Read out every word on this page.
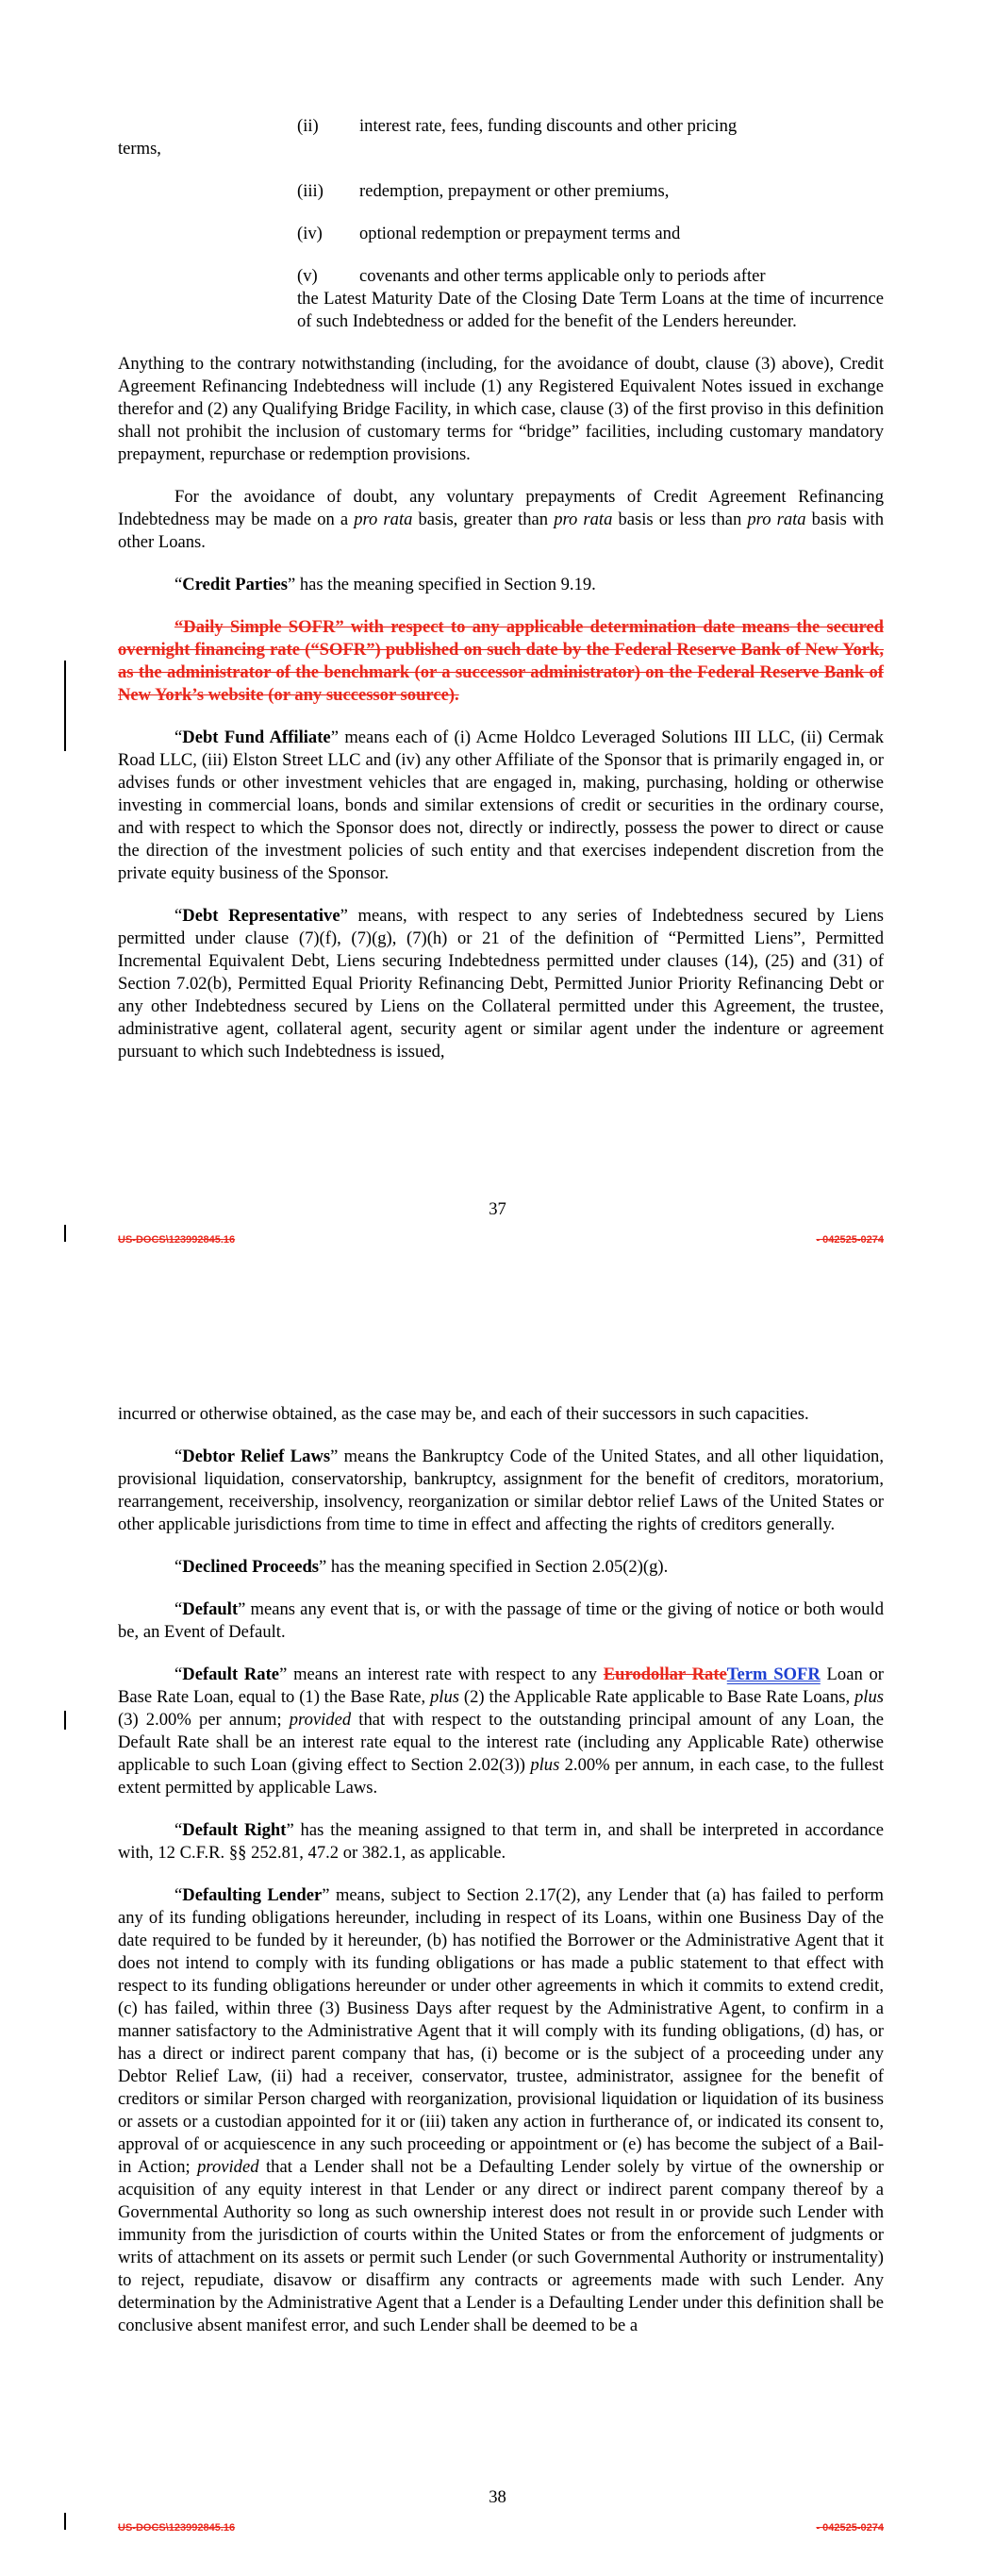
(ii) interest rate, fees, funding discounts and other pricing

terms,

(iii) redemption, prepayment or other premiums,

(iv) optional redemption or prepayment terms and

(v) covenants and other terms applicable only to periods after

the Latest Maturity Date of the Closing Date Term Loans at the time of incurrence of such Indebtedness or added for the benefit of the Lenders hereunder.

Anything to the contrary notwithstanding (including, for the avoidance of doubt, clause (3) above), Credit Agreement Refinancing Indebtedness will include (1) any Registered Equivalent Notes issued in exchange therefor and (2) any Qualifying Bridge Facility, in which case, clause (3) of the first proviso in this definition shall not prohibit the inclusion of customary terms for “bridge” facilities, including customary mandatory prepayment, repurchase or redemption provisions.

For the avoidance of doubt, any voluntary prepayments of Credit Agreement Refinancing Indebtedness may be made on a pro rata basis, greater than pro rata basis or less than pro rata basis with other Loans.

“Credit Parties” has the meaning specified in Section 9.19.

“Daily Simple SOFR” with respect to any applicable determination date means the secured overnight financing rate (“SOFR”) published on such date by the Federal Reserve Bank of New York, as the administrator of the benchmark (or a successor administrator) on the Federal Reserve Bank of New York’s website (or any successor source).

“Debt Fund Affiliate” means each of (i) Acme Holdco Leveraged Solutions III LLC, (ii) Cermak Road LLC, (iii) Elston Street LLC and (iv) any other Affiliate of the Sponsor that is primarily engaged in, or advises funds or other investment vehicles that are engaged in, making, purchasing, holding or otherwise investing in commercial loans, bonds and similar extensions of credit or securities in the ordinary course, and with respect to which the Sponsor does not, directly or indirectly, possess the power to direct or cause the direction of the investment policies of such entity and that exercises independent discretion from the private equity business of the Sponsor.

“Debt Representative” means, with respect to any series of Indebtedness secured by Liens permitted under clause (7)(f), (7)(g), (7)(h) or 21 of the definition of “Permitted Liens”, Permitted Incremental Equivalent Debt, Liens securing Indebtedness permitted under clauses (14), (25) and (31) of Section 7.02(b), Permitted Equal Priority Refinancing Debt, Permitted Junior Priority Refinancing Debt or any other Indebtedness secured by Liens on the Collateral permitted under this Agreement, the trustee, administrative agent, collateral agent, security agent or similar agent under the indenture or agreement pursuant to which such Indebtedness is issued,

37
US-DOCS\123992845.16	- 042525-0274

incurred or otherwise obtained, as the case may be, and each of their successors in such capacities.

“Debtor Relief Laws” means the Bankruptcy Code of the United States, and all other liquidation, provisional liquidation, conservatorship, bankruptcy, assignment for the benefit of creditors, moratorium, rearrangement, receivership, insolvency, reorganization or similar debtor relief Laws of the United States or other applicable jurisdictions from time to time in effect and affecting the rights of creditors generally.

“Declined Proceeds” has the meaning specified in Section 2.05(2)(g).

“Default” means any event that is, or with the passage of time or the giving of notice or both would be, an Event of Default.

“Default Rate” means an interest rate with respect to any Eurodollar RateTerm SOFR Loan or Base Rate Loan, equal to (1) the Base Rate, plus (2) the Applicable Rate applicable to Base Rate Loans, plus (3) 2.00% per annum; provided that with respect to the outstanding principal amount of any Loan, the Default Rate shall be an interest rate equal to the interest rate (including any Applicable Rate) otherwise applicable to such Loan (giving effect to Section 2.02(3)) plus 2.00% per annum, in each case, to the fullest extent permitted by applicable Laws.

“Default Right” has the meaning assigned to that term in, and shall be interpreted in accordance with, 12 C.F.R. §§ 252.81, 47.2 or 382.1, as applicable.

“Defaulting Lender” means, subject to Section 2.17(2), any Lender that (a) has failed to perform any of its funding obligations hereunder, including in respect of its Loans, within one Business Day of the date required to be funded by it hereunder, (b) has notified the Borrower or the Administrative Agent that it does not intend to comply with its funding obligations or has made a public statement to that effect with respect to its funding obligations hereunder or under other agreements in which it commits to extend credit, (c) has failed, within three (3) Business Days after request by the Administrative Agent, to confirm in a manner satisfactory to the Administrative Agent that it will comply with its funding obligations, (d) has, or has a direct or indirect parent company that has, (i) become or is the subject of a proceeding under any Debtor Relief Law, (ii) had a receiver, conservator, trustee, administrator, assignee for the benefit of creditors or similar Person charged with reorganization, provisional liquidation or liquidation of its business or assets or a custodian appointed for it or (iii) taken any action in furtherance of, or indicated its consent to, approval of or acquiescence in any such proceeding or appointment or (e) has become the subject of a Bail-in Action; provided that a Lender shall not be a Defaulting Lender solely by virtue of the ownership or acquisition of any equity interest in that Lender or any direct or indirect parent company thereof by a Governmental Authority so long as such ownership interest does not result in or provide such Lender with immunity from the jurisdiction of courts within the United States or from the enforcement of judgments or writs of attachment on its assets or permit such Lender (or such Governmental Authority or instrumentality) to reject, repudiate, disavow or disaffirm any contracts or agreements made with such Lender. Any determination by the Administrative Agent that a Lender is a Defaulting Lender under this definition shall be conclusive absent manifest error, and such Lender shall be deemed to be a

38
US-DOCS\123992845.16	- 042525-0274
